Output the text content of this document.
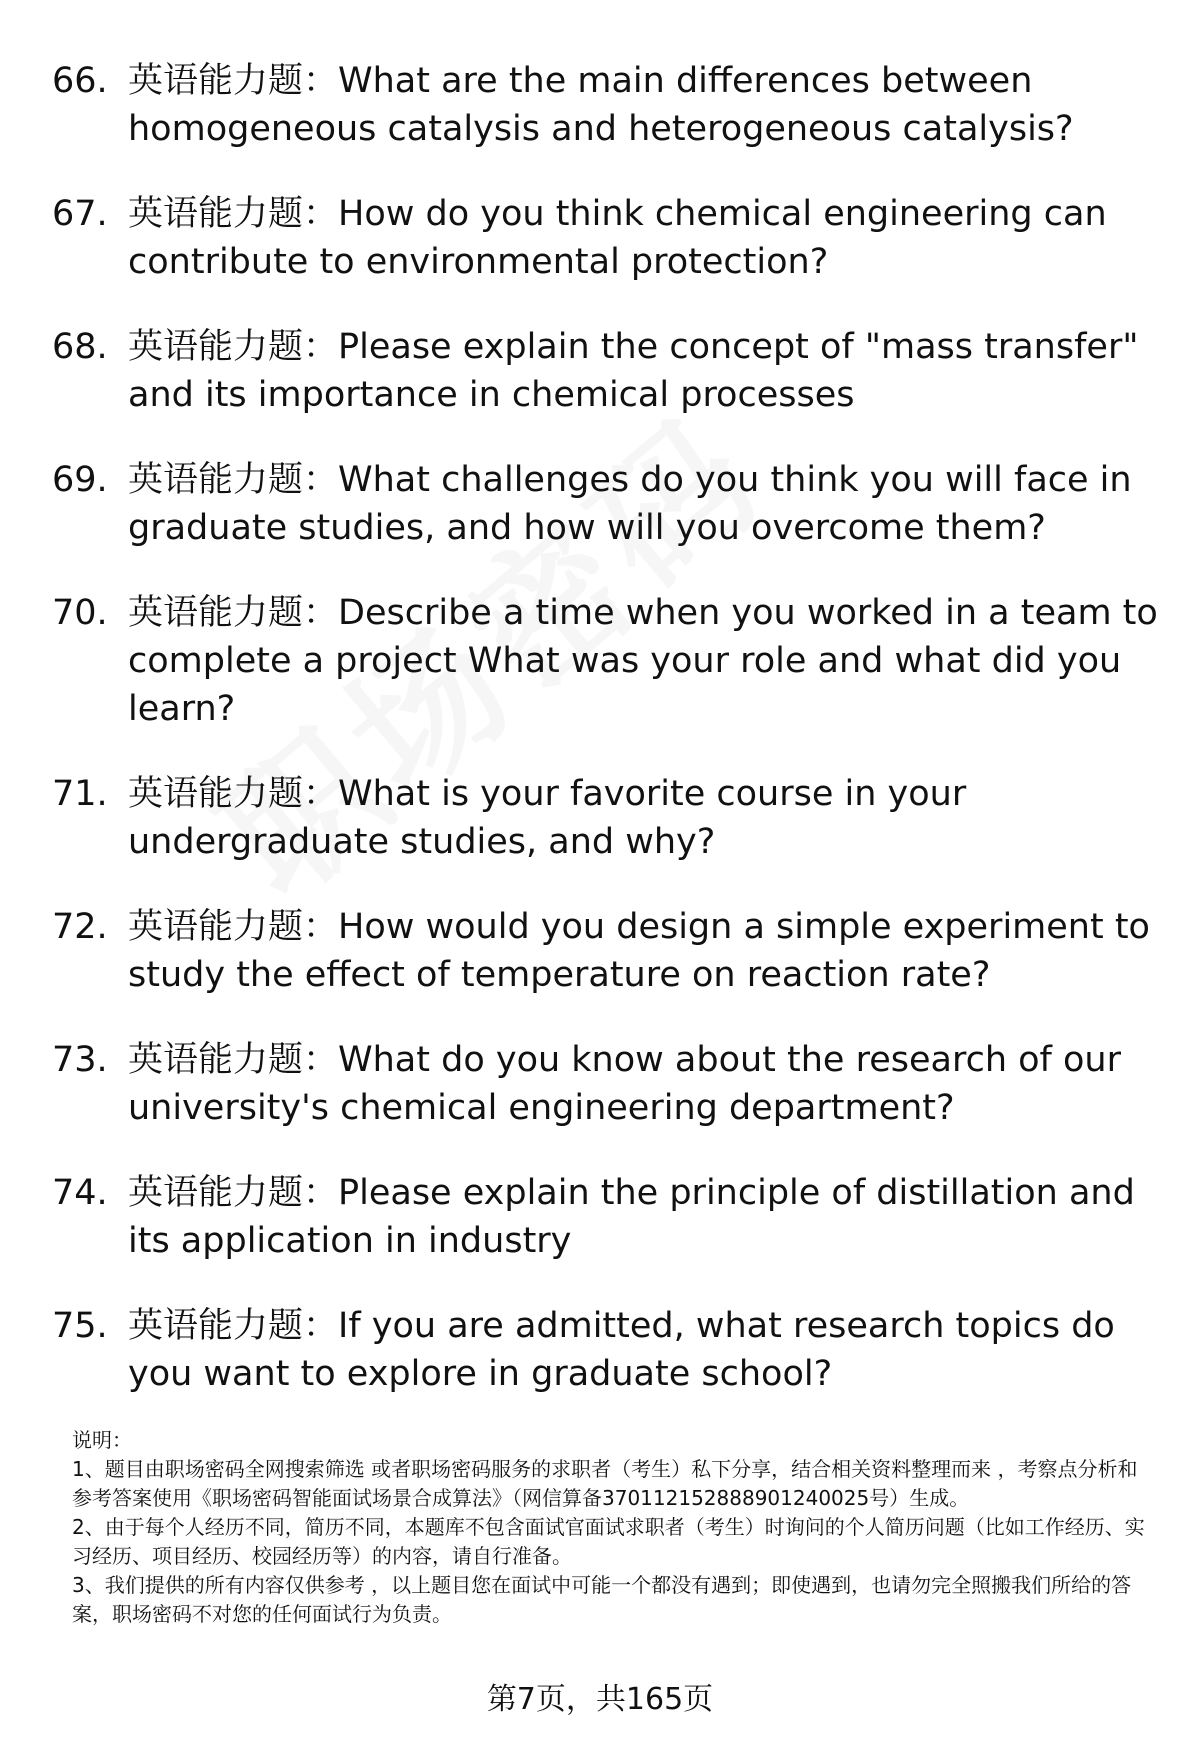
66. 英语能力题：What are the main differences between homogeneous catalysis and heterogeneous catalysis?
67. 英语能力题：How do you think chemical engineering can contribute to environmental protection?
68. 英语能力题：Please explain the concept of "mass transfer" and its importance in chemical processes
69. 英语能力题：What challenges do you think you will face in graduate studies, and how will you overcome them?
70. 英语能力题：Describe a time when you worked in a team to complete a project What was your role and what did you learn?
71. 英语能力题：What is your favorite course in your undergraduate studies, and why?
72. 英语能力题：How would you design a simple experiment to study the effect of temperature on reaction rate?
73. 英语能力题：What do you know about the research of our university's chemical engineering department?
74. 英语能力题：Please explain the principle of distillation and its application in industry
75. 英语能力题：If you are admitted, what research topics do you want to explore in graduate school?

说明：

1、题目由职场密码全网搜索筛选 或者职场密码服务的求职者（考生）私下分享，结合相关资料整理而来 ，考察点分析和参考答案使用《职场密码智能面试场景合成算法》（网信算备370112152888901240025号）生成。

2、由于每个人经历不同，简历不同，本题库不包含面试官面试求职者（考生）时询问的个人简历问题（比如工作经历、实习经历、项目经历、校园经历等）的内容，请自行准备。

3、我们提供的所有内容仅供参考 ，以上题目您在面试中可能一个都没有遇到；即使遇到，也请勿完全照搬我们所给的答案，职场密码不对您的任何面试行为负责。

第7页，共165页
